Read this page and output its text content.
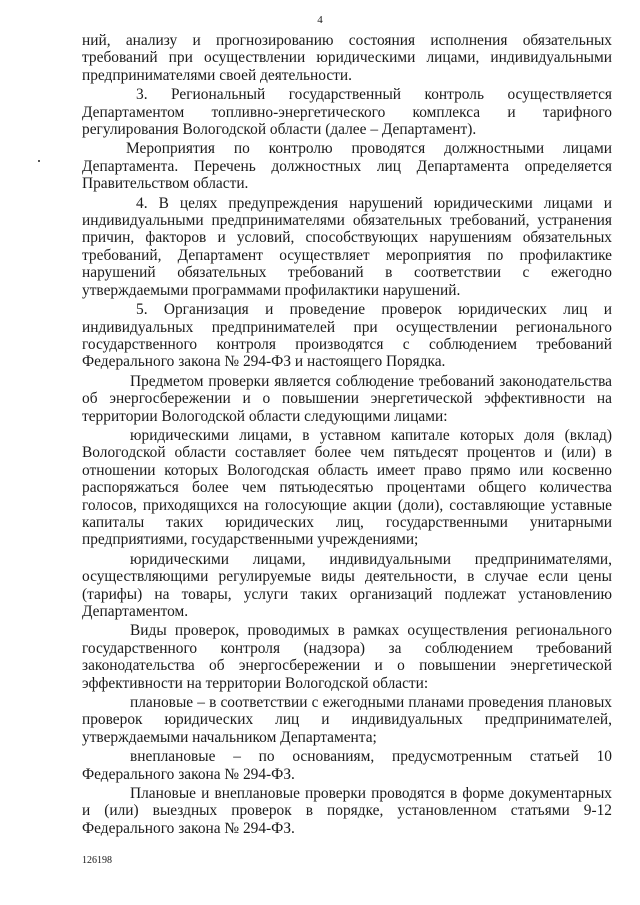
4

ний, анализу и прогнозированию состояния исполнения обязательных требований при осуществлении юридическими лицами, индивидуальными предпринимателями своей деятельности.

3. Региональный государственный контроль осуществляется Департаментом топливно-энергетического комплекса и тарифного регулирования Вологодской области (далее – Департамент).

Мероприятия по контролю проводятся должностными лицами Департамента. Перечень должностных лиц Департамента определяется Правительством области.

4. В целях предупреждения нарушений юридическими лицами и индивидуальными предпринимателями обязательных требований, устранения причин, факторов и условий, способствующих нарушениям обязательных требований, Департамент осуществляет мероприятия по профилактике нарушений обязательных требований в соответствии с ежегодно утверждаемыми программами профилактики нарушений.

5. Организация и проведение проверок юридических лиц и индивидуальных предпринимателей при осуществлении регионального государственного контроля производятся с соблюдением требований Федерального закона № 294-ФЗ и настоящего Порядка.

Предметом проверки является соблюдение требований законодательства об энергосбережении и о повышении энергетической эффективности на территории Вологодской области следующими лицами:

юридическими лицами, в уставном капитале которых доля (вклад) Вологодской области составляет более чем пятьдесят процентов и (или) в отношении которых Вологодская область имеет право прямо или косвенно распоряжаться более чем пятьюдесятью процентами общего количества голосов, приходящихся на голосующие акции (доли), составляющие уставные капиталы таких юридических лиц, государственными унитарными предприятиями, государственными учреждениями;

юридическими лицами, индивидуальными предпринимателями, осуществляющими регулируемые виды деятельности, в случае если цены (тарифы) на товары, услуги таких организаций подлежат установлению Департаментом.

Виды проверок, проводимых в рамках осуществления регионального государственного контроля (надзора) за соблюдением требований законодательства об энергосбережении и о повышении энергетической эффективности на территории Вологодской области:

плановые – в соответствии с ежегодными планами проведения плановых проверок юридических лиц и индивидуальных предпринимателей, утверждаемыми начальником Департамента;

внеплановые – по основаниям, предусмотренным статьей 10 Федерального закона № 294-ФЗ.

Плановые и внеплановые проверки проводятся в форме документарных и (или) выездных проверок в порядке, установленном статьями 9-12 Федерального закона № 294-ФЗ.

126198
